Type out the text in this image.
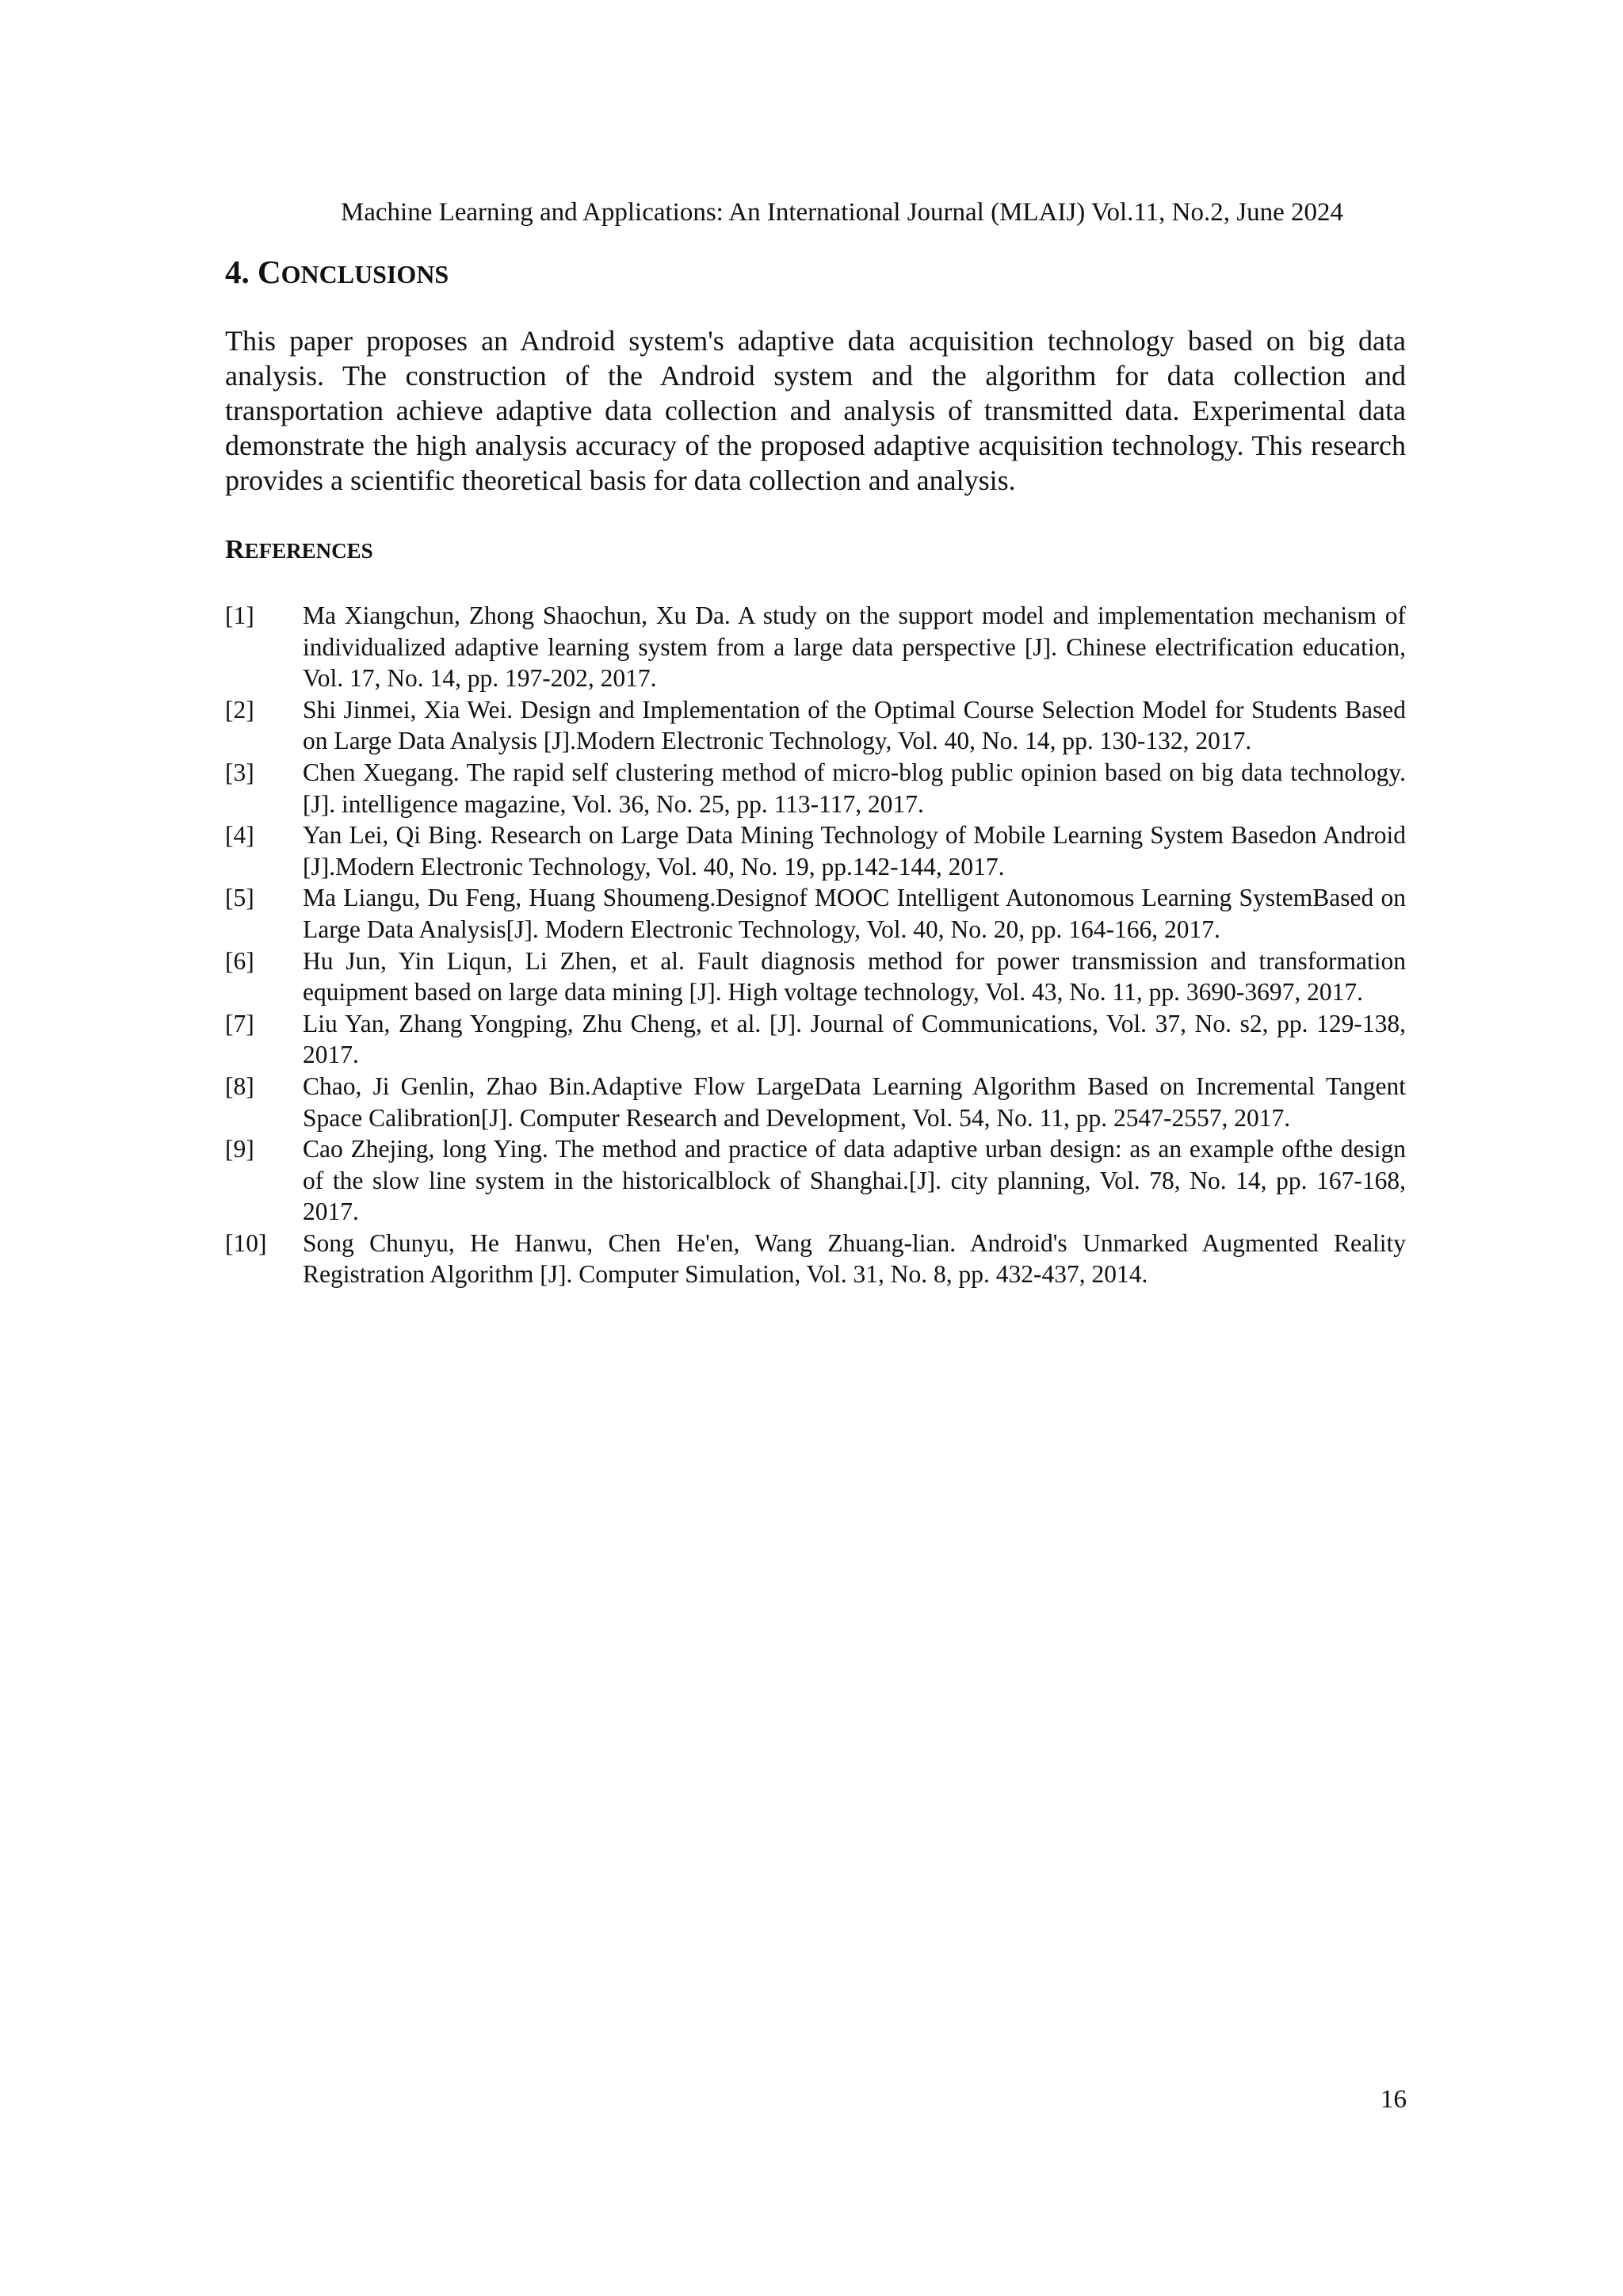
Machine Learning and Applications: An International Journal (MLAIJ) Vol.11, No.2, June 2024
4. CONCLUSIONS

This paper proposes an Android system's adaptive data acquisition technology based on big data analysis. The construction of the Android system and the algorithm for data collection and transportation achieve adaptive data collection and analysis of transmitted data. Experimental data demonstrate the high analysis accuracy of the proposed adaptive acquisition technology. This research provides a scientific theoretical basis for data collection and analysis.

REFERENCES
[1]	Ma Xiangchun, Zhong Shaochun, Xu Da. A study on the support model and implementation mechanism of individualized adaptive learning system from a large data perspective [J]. Chinese electrification education, Vol. 17, No. 14, pp. 197-202, 2017.
[2]	Shi Jinmei, Xia Wei. Design and Implementation of the Optimal Course Selection Model for Students Based on Large Data Analysis [J].Modern Electronic Technology, Vol. 40, No. 14, pp. 130-132, 2017.
[3]	Chen Xuegang. The rapid self clustering method of micro-blog public opinion based on big data technology. [J]. intelligence magazine, Vol. 36, No. 25, pp. 113-117, 2017.
[4]	Yan Lei, Qi Bing. Research on Large Data Mining Technology of Mobile Learning System Basedon Android [J].Modern Electronic Technology, Vol. 40, No. 19, pp.142-144, 2017.
[5]	Ma Liangu, Du Feng, Huang Shoumeng.Designof MOOC Intelligent Autonomous Learning SystemBased on Large Data Analysis[J]. Modern Electronic Technology, Vol. 40, No. 20, pp. 164-166, 2017.
[6]	Hu Jun, Yin Liqun, Li Zhen, et al. Fault diagnosis method for power transmission and transformation equipment based on large data mining [J]. High voltage technology, Vol. 43, No. 11, pp. 3690-3697, 2017.
[7]	Liu Yan, Zhang Yongping, Zhu Cheng, et al. [J]. Journal of Communications, Vol. 37, No. s2, pp. 129-138, 2017.
[8]	Chao, Ji Genlin, Zhao Bin.Adaptive Flow LargeData Learning Algorithm Based on Incremental Tangent Space Calibration[J]. Computer Research and Development, Vol. 54, No. 11, pp. 2547-2557, 2017.
[9]	Cao Zhejing, long Ying. The method and practice of data adaptive urban design: as an example ofthe design of the slow line system in the historicalblock of Shanghai.[J]. city planning, Vol. 78, No. 14, pp. 167-168, 2017.
[10]	Song Chunyu, He Hanwu, Chen He'en, Wang Zhuang-lian. Android's Unmarked Augmented Reality Registration Algorithm [J]. Computer Simulation, Vol. 31, No. 8, pp. 432-437, 2014.
16
